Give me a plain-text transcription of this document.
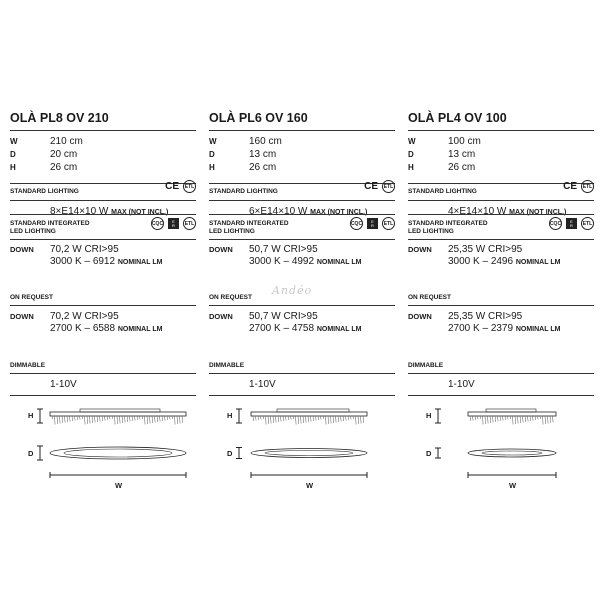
OLÀ PL8 OV 210
W	210 cm
D	20 cm
H	26 cm
STANDARD LIGHTING	CE	ETL
8×E14×10 W MAX (NOT INCL.)
STANDARD INTEGRATED
LED LIGHTING
CQC	E
R	ETL
DOWN 70,2 W CRI>95
3000 K – 6912 NOMINAL LM
ON REQUEST
DOWN 70,2 W CRI>95
2700 K – 6588 NOMINAL LM
DIMMABLE
1-10V
H
D
W
OLÀ PL6 OV 160
W	160 cm
D	13 cm
H	26 cm
STANDARD LIGHTING	CE	ETL
6×E14×10 W MAX (NOT INCL.)
STANDARD INTEGRATED
LED LIGHTING
CQC	E
R	ETL
DOWN 50,7 W CRI>95
3000 K – 4992 NOMINAL LM
ON REQUEST
DOWN 50,7 W CRI>95
2700 K – 4758 NOMINAL LM
DIMMABLE
1-10V
H
D
W
OLÀ PL4 OV 100
W	100 cm
D	13 cm
H	26 cm
STANDARD LIGHTING	CE	ETL
4×E14×10 W MAX (NOT INCL.)
STANDARD INTEGRATED
LED LIGHTING
CQC	E
R	ETL
DOWN 25,35 W CRI>95
3000 K – 2496 NOMINAL LM
ON REQUEST
DOWN 25,35 W CRI>95
2700 K – 2379 NOMINAL LM
DIMMABLE
1-10V
H
D
W
Andéo
